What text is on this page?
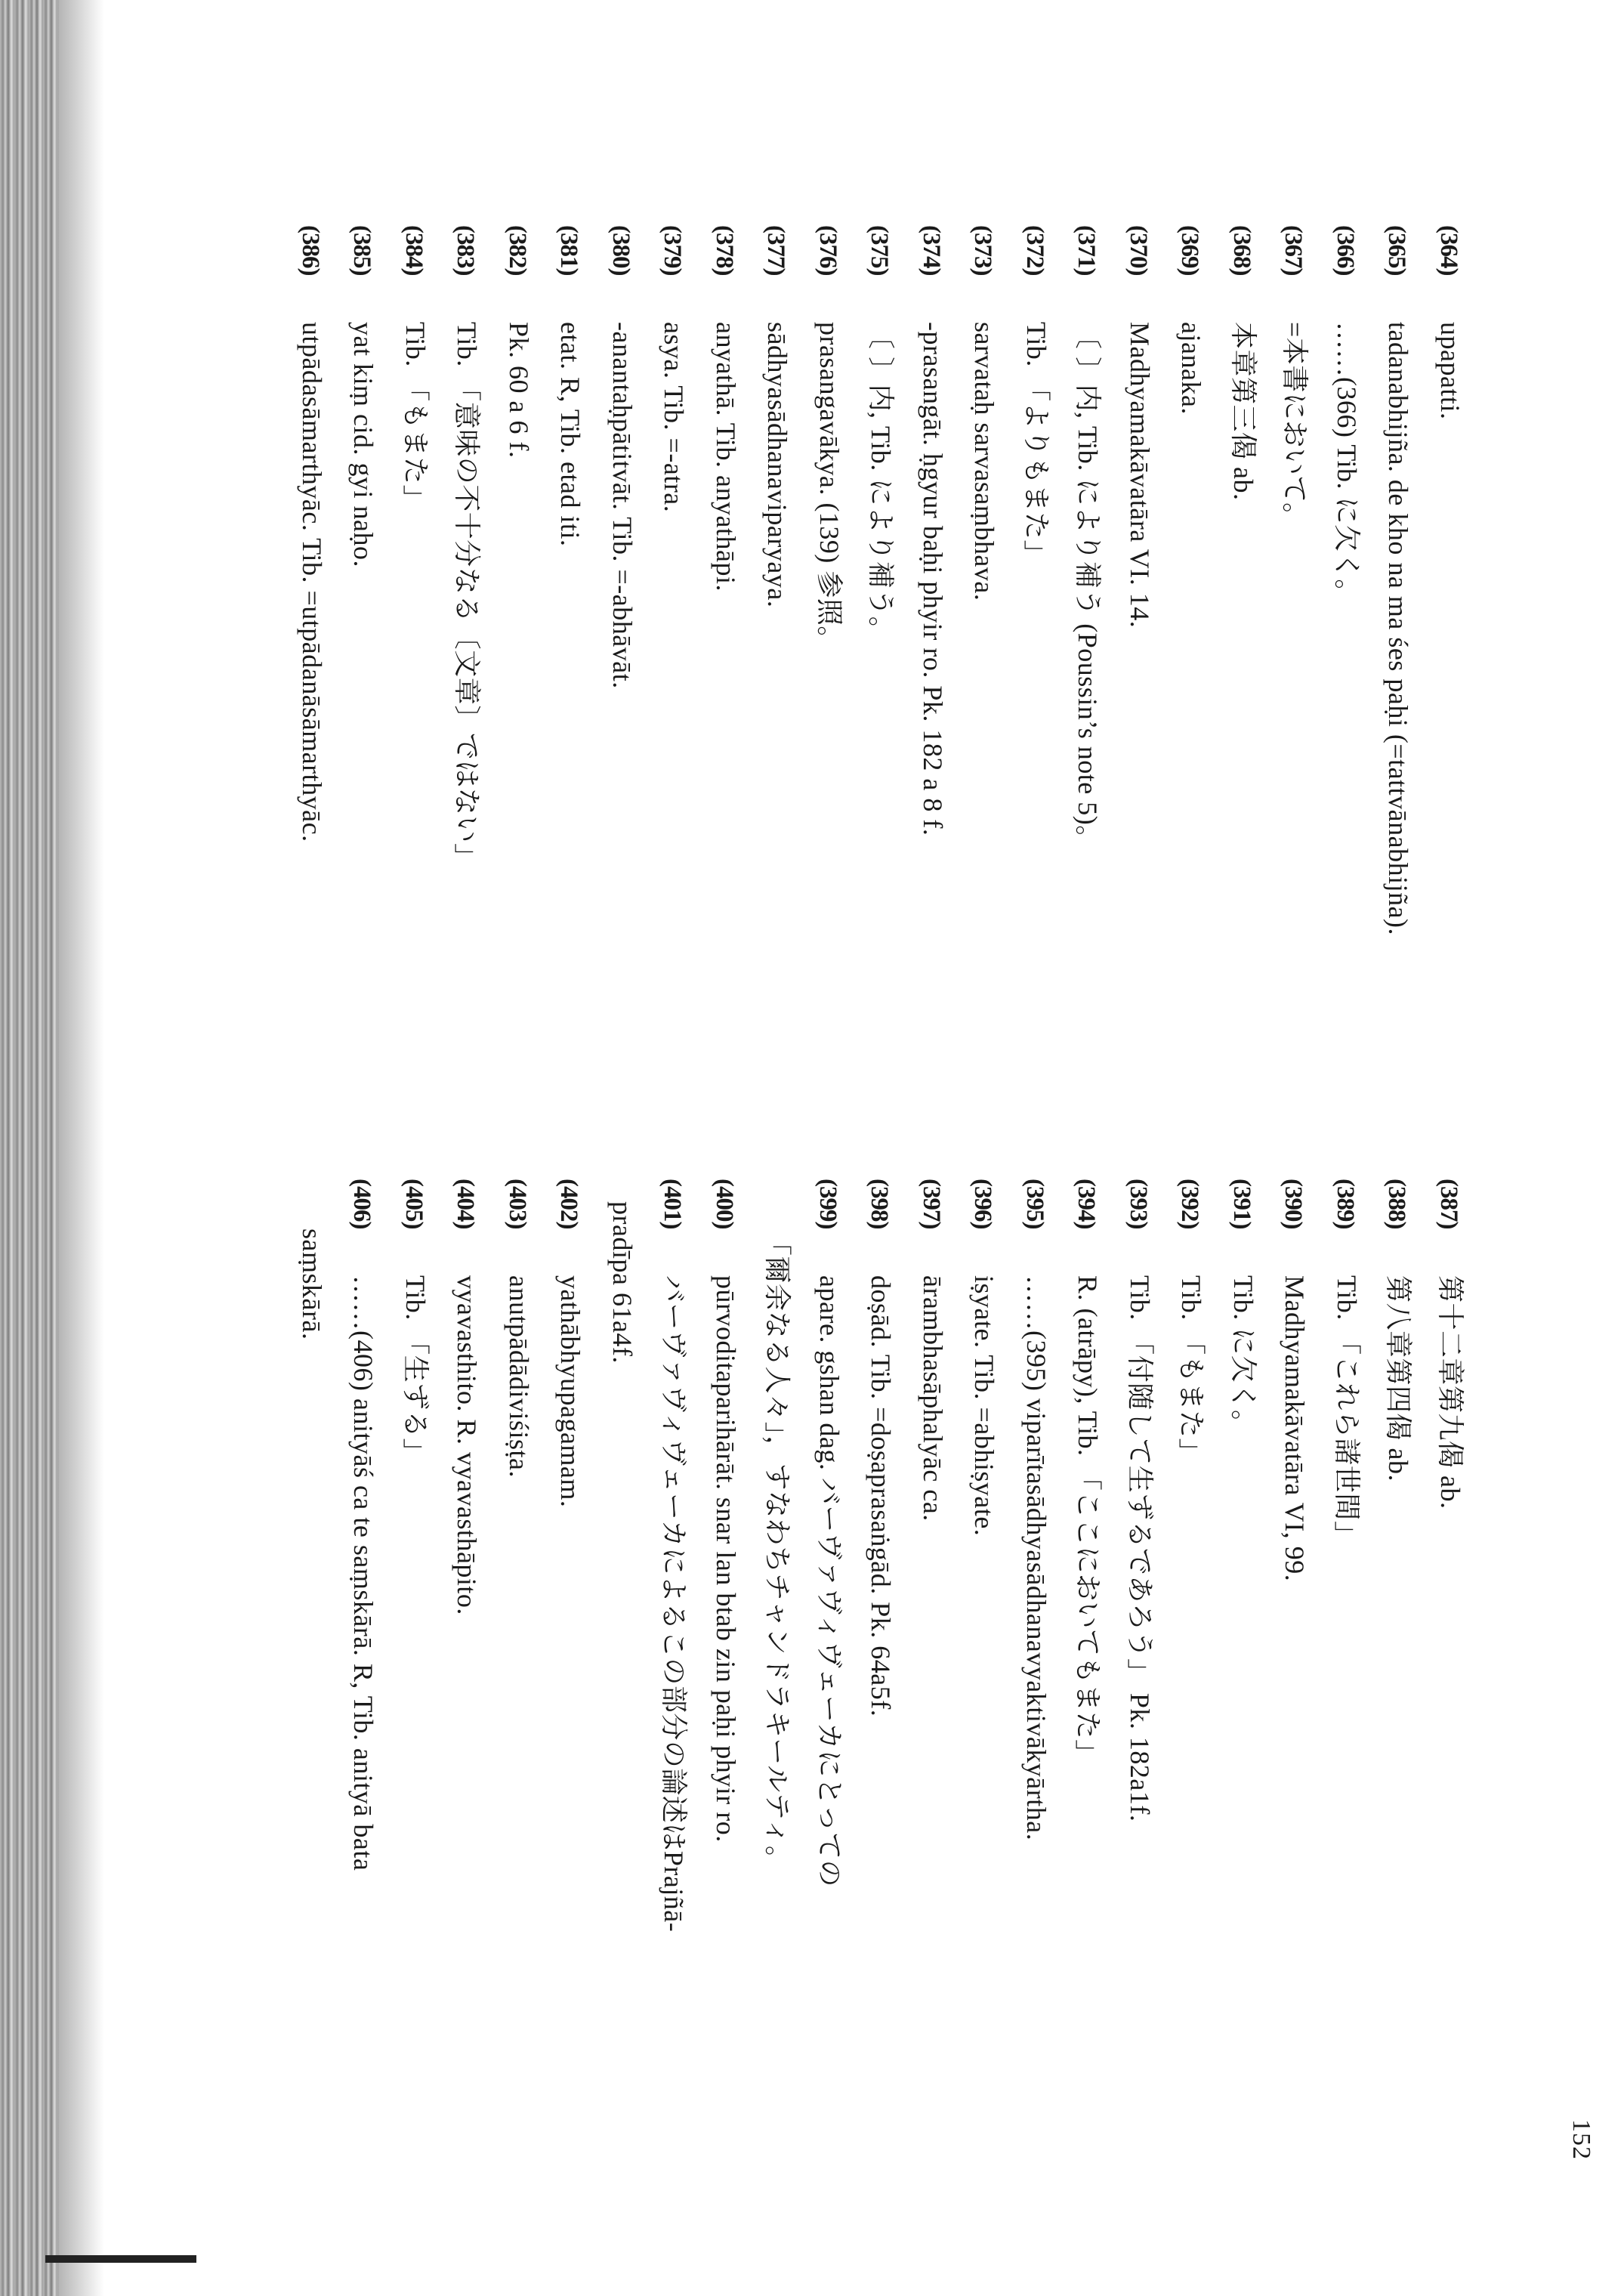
152
(364)
upapatti.
(365)
tadanabhijña. de kho na ma śes paḥi (=tattvānabhijña).
(366)
……(366) Tib. に欠く。
(367)
=本書において。
(368)
本章第三偈 ab.
(369)
ajanaka.
(370)
Madhyamakāvatāra VI. 14.
(371)
〔 〕内, Tib. により補う (Poussin’s note 5)。
(372)
Tib. 「よりもまた」
(373)
sarvataḥ sarvasaṃbhava.
(374)
-prasangāt. ḥgyur baḥi phyir ro. Pk. 182 a 8 f.
(375)
〔 〕内, Tib. により補う。
(376)
prasangavākya. (139) 参照。
(377)
sādhyasādhanaviparyaya.
(378)
anyathā. Tib. anyathāpi.
(379)
asya. Tib. =-atra.
(380)
-anantaḥpātitvāt. Tib. =-abhāvāt.
(381)
etat. R, Tib. etad iti.
(382)
Pk. 60 a 6 f.
(383)
Tib. 「意味の不十分なる〔文章〕ではない」
(384)
Tib. 「もまた」
(385)
yat kiṃ cid. gyi naḥo.
(386)
utpādasāmarthyāc. Tib. =utpādanāsāmarthyāc.
(387)
第十二章第九偈 ab.
(388)
第八章第四偈 ab.
(389)
Tib. 「これら諸世間」
(390)
Madhyamakāvatāra VI, 99.
(391)
Tib. に欠く。
(392)
Tib. 「もまた」
(393)
Tib. 「付随して生ずるであろう」 Pk. 182a1f.
(394)
R. (atrāpy), Tib. 「ここにおいてもまた」
(395)
……(395) viparītasādhyasādhanavyaktivākyārtha.
(396)
iṣyate. Tib. =abhiṣyate.
(397)
ārambhasāphalyāc ca.
(398)
doṣād. Tib. =doṣaprasaṅgād. Pk. 64a5f.
(399)
apare. gshan dag. バーヴァヴィヴェーカにとっての
「爾余なる人々」，すなわちチャンドラキールティ。
(400)
pūrvoditaparihārāt. snar lan btab zin paḥi phyir ro.
(401)
バーヴァヴィヴェーカによるこの部分の論述はPrajñā-
pradīpa 61a4f.
(402)
yathābhyupagamam.
(403)
anutpādādiviśiṣṭa.
(404)
vyavasthito. R. vyavasthāpito.
(405)
Tib. 「生ずる」
(406)
……(406) anityāś ca te saṃskārā. R, Tib. anityā bata
saṃskārā.
